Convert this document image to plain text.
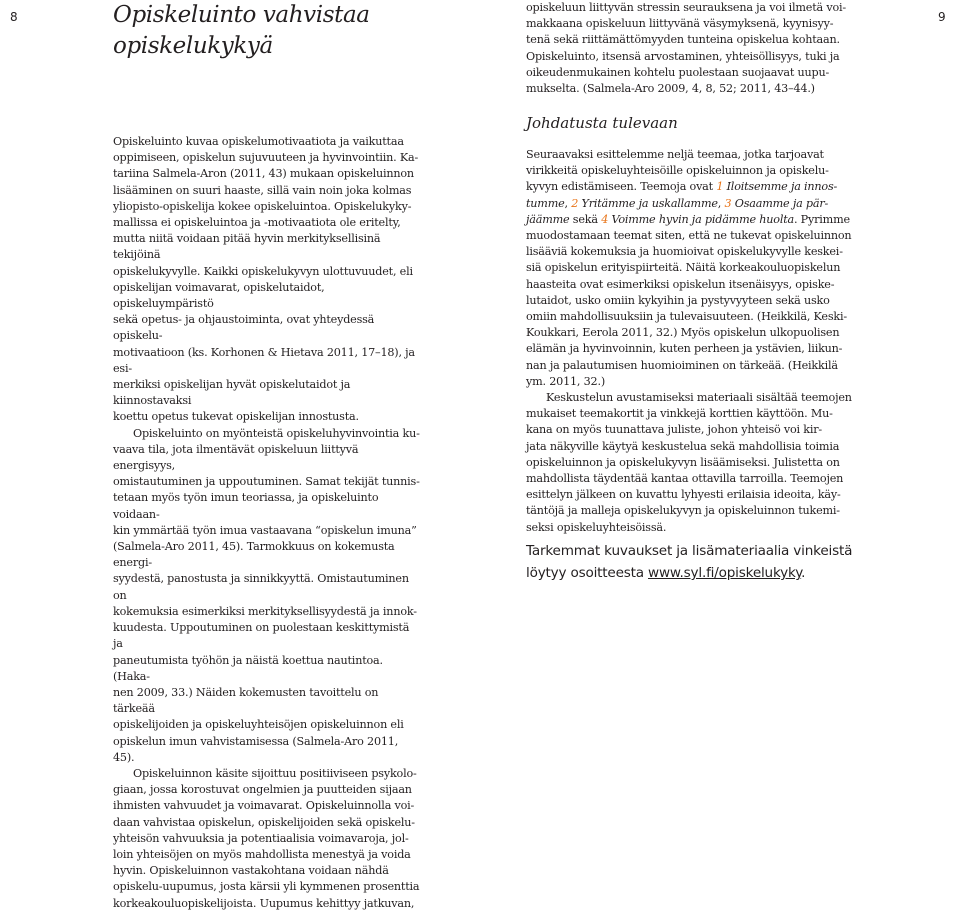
8	9
Opiskeluinto vahvistaa
opiskelukykyä

opiskeluun liittyvän stressin seurauksena ja voi ilmetä voi-
makkaana opiskeluun liittyvänä väsymyksenä, kyynisyy-
tenä sekä riittämättömyyden tunteina opiskelua kohtaan.
Opiskeluinto, itsensä arvostaminen, yhteisöllisyys, tuki ja
oikeudenmukainen kohtelu puolestaan suojaavat uupu-
mukselta. (Salmela-Aro 2009, 4, 8, 52; 2011, 43–44.)

Opiskeluinto kuvaa opiskelumotivaatiota ja vaikuttaa
oppimiseen, opiskelun sujuvuuteen ja hyvinvointiin. Ka-
tariina Salmela-Aron (2011, 43) mukaan opiskeluinnon
lisääminen on suuri haaste, sillä vain noin joka kolmas
yliopisto-opiskelija kokee opiskeluintoa. Opiskelukyky-
mallissa ei opiskeluintoa ja -motivaatiota ole eritelty,
mutta niitä voidaan pitää hyvin merkityksellisinä tekijöinä
opiskelukyvylle. Kaikki opiskelukyvyn ulottuvuudet, eli
opiskelijan voimavarat, opiskelutaidot, opiskeluympäristö
sekä opetus- ja ohjaustoiminta, ovat yhteydessä opiskelu-
motivaatioon (ks. Korhonen & Hietava 2011, 17–18), ja esi-
merkiksi opiskelijan hyvät opiskelutaidot ja kiinnostavaksi
koettu opetus tukevat opiskelijan innostusta.

Opiskeluinto on myönteistä opiskeluhyvinvointia ku-
vaava tila, jota ilmentävät opiskeluun liittyvä energisyys,
omistautuminen ja uppoutuminen. Samat tekijät tunnis-
tetaan myös työn imun teoriassa, ja opiskeluinto voidaan-
kin ymmärtää työn imua vastaavana “opiskelun imuna”
(Salmela-Aro 2011, 45). Tarmokkuus on kokemusta energi-
syydestä, panostusta ja sinnikkyyttä. Omistautuminen on
kokemuksia esimerkiksi merkityksellisyydestä ja innok-
kuudesta. Uppoutuminen on puolestaan keskittymistä ja
paneutumista työhön ja näistä koettua nautintoa. (Haka-
nen 2009, 33.) Näiden kokemusten tavoittelu on tärkeää
opiskelijoiden ja opiskeluyhteisöjen opiskeluinnon eli
opiskelun imun vahvistamisessa (Salmela-Aro 2011, 45).

Opiskeluinnon käsite sijoittuu positiiviseen psykolo-
giaan, jossa korostuvat ongelmien ja puutteiden sijaan
ihmisten vahvuudet ja voimavarat. Opiskeluinnolla voi-
daan vahvistaa opiskelun, opiskelijoiden sekä opiskelu-
yhteisön vahvuuksia ja potentiaalisia voimavaroja, jol-
loin yhteisöjen on myös mahdollista menestyä ja voida
hyvin. Opiskeluinnon vastakohtana voidaan nähdä
opiskelu-uupumus, josta kärsii yli kymmenen prosenttia
korkeakouluopiskelijoista. Uupumus kehittyy jatkuvan,

Johdatusta tulevaan

Seuraavaksi esittelemme neljä teemaa, jotka tarjoavat
virikkeitä opiskeluyhteisöille opiskeluinnon ja opiskelu-
kyvyn edistämiseen. Teemoja ovat 1 Iloitsemme ja innos-
tumme, 2 Yritämme ja uskallamme, 3 Osaamme ja pär-
jäämme sekä 4 Voimme hyvin ja pidämme huolta. Pyrimme
muodostamaan teemat siten, että ne tukevat opiskeluinnon
lisääviä kokemuksia ja huomioivat opiskelukyvylle keskei-
siä opiskelun erityispiirteitä. Näitä korkeakouluopiskelun
haasteita ovat esimerkiksi opiskelun itsenäisyys, opiske-
lutaidot, usko omiin kykyihin ja pystyvyyteen sekä usko
omiin mahdollisuuksiin ja tulevaisuuteen. (Heikkilä, Keski-
Koukkari, Eerola 2011, 32.) Myös opiskelun ulkopuolisen
elämän ja hyvinvoinnin, kuten perheen ja ystävien, liikun-
nan ja palautumisen huomioiminen on tärkeää. (Heikkilä
ym. 2011, 32.)

Keskustelun avustamiseksi materiaali sisältää teemojen
mukaiset teemakortit ja vinkkejä korttien käyttöön. Mu-
kana on myös tuunattava juliste, johon yhteisö voi kir-
jata näkyville käytyä keskustelua sekä mahdollisia toimia
opiskeluinnon ja opiskelukyvyn lisäämiseksi. Julistetta on
mahdollista täydentää kantaa ottavilla tarroilla. Teemojen
esittelyn jälkeen on kuvattu lyhyesti erilaisia ideoita, käy-
täntöjä ja malleja opiskelukyvyn ja opiskeluinnon tukemi-
seksi opiskeluyhteisöissä.

Tarkemmat kuvaukset ja lisämateriaalia vinkeistä
löytyy osoitteesta www.syl.fi/opiskelukyky.
